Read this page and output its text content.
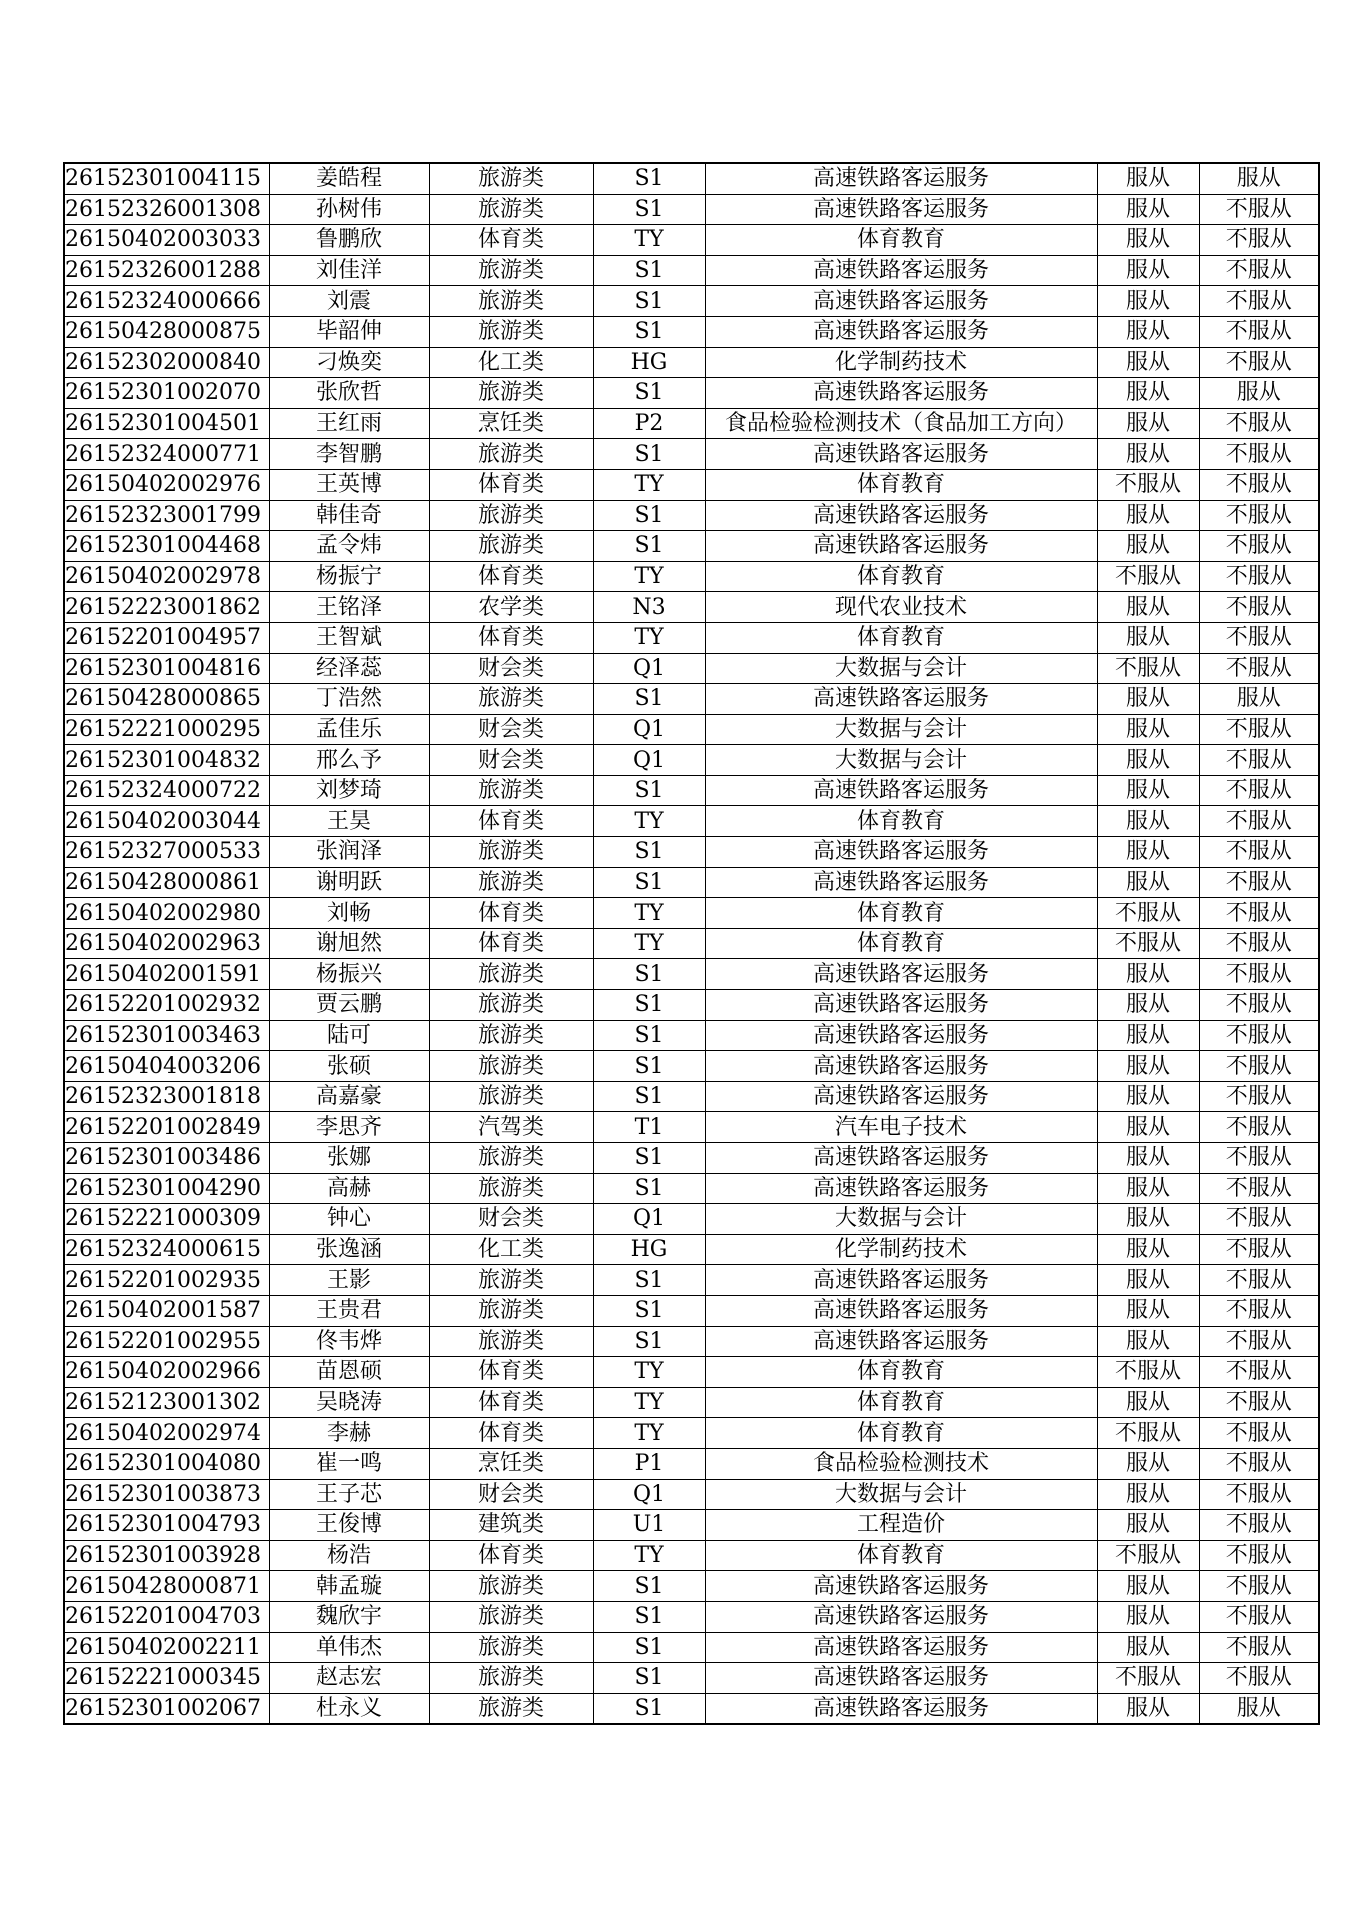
26152301004115	姜皓程	旅游类	S1	高速铁路客运服务	服从	服从
26152326001308	孙树伟	旅游类	S1	高速铁路客运服务	服从	不服从
26150402003033	鲁鹏欣	体育类	TY	体育教育	服从	不服从
26152326001288	刘佳洋	旅游类	S1	高速铁路客运服务	服从	不服从
26152324000666	刘震	旅游类	S1	高速铁路客运服务	服从	不服从
26150428000875	毕韶伸	旅游类	S1	高速铁路客运服务	服从	不服从
26152302000840	刁焕奕	化工类	HG	化学制药技术	服从	不服从
26152301002070	张欣哲	旅游类	S1	高速铁路客运服务	服从	服从
26152301004501	王红雨	烹饪类	P2	食品检验检测技术（食品加工方向）	服从	不服从
26152324000771	李智鹏	旅游类	S1	高速铁路客运服务	服从	不服从
26150402002976	王英博	体育类	TY	体育教育	不服从	不服从
26152323001799	韩佳奇	旅游类	S1	高速铁路客运服务	服从	不服从
26152301004468	孟令炜	旅游类	S1	高速铁路客运服务	服从	不服从
26150402002978	杨振宁	体育类	TY	体育教育	不服从	不服从
26152223001862	王铭泽	农学类	N3	现代农业技术	服从	不服从
26152201004957	王智斌	体育类	TY	体育教育	服从	不服从
26152301004816	经泽蕊	财会类	Q1	大数据与会计	不服从	不服从
26150428000865	丁浩然	旅游类	S1	高速铁路客运服务	服从	服从
26152221000295	孟佳乐	财会类	Q1	大数据与会计	服从	不服从
26152301004832	邢么予	财会类	Q1	大数据与会计	服从	不服从
26152324000722	刘梦琦	旅游类	S1	高速铁路客运服务	服从	不服从
26150402003044	王昊	体育类	TY	体育教育	服从	不服从
26152327000533	张润泽	旅游类	S1	高速铁路客运服务	服从	不服从
26150428000861	谢明跃	旅游类	S1	高速铁路客运服务	服从	不服从
26150402002980	刘畅	体育类	TY	体育教育	不服从	不服从
26150402002963	谢旭然	体育类	TY	体育教育	不服从	不服从
26150402001591	杨振兴	旅游类	S1	高速铁路客运服务	服从	不服从
26152201002932	贾云鹏	旅游类	S1	高速铁路客运服务	服从	不服从
26152301003463	陆可	旅游类	S1	高速铁路客运服务	服从	不服从
26150404003206	张硕	旅游类	S1	高速铁路客运服务	服从	不服从
26152323001818	高嘉豪	旅游类	S1	高速铁路客运服务	服从	不服从
26152201002849	李思齐	汽驾类	T1	汽车电子技术	服从	不服从
26152301003486	张娜	旅游类	S1	高速铁路客运服务	服从	不服从
26152301004290	高赫	旅游类	S1	高速铁路客运服务	服从	不服从
26152221000309	钟心	财会类	Q1	大数据与会计	服从	不服从
26152324000615	张逸涵	化工类	HG	化学制药技术	服从	不服从
26152201002935	王影	旅游类	S1	高速铁路客运服务	服从	不服从
26150402001587	王贵君	旅游类	S1	高速铁路客运服务	服从	不服从
26152201002955	佟韦烨	旅游类	S1	高速铁路客运服务	服从	不服从
26150402002966	苗恩硕	体育类	TY	体育教育	不服从	不服从
26152123001302	吴晓涛	体育类	TY	体育教育	服从	不服从
26150402002974	李赫	体育类	TY	体育教育	不服从	不服从
26152301004080	崔一鸣	烹饪类	P1	食品检验检测技术	服从	不服从
26152301003873	王子芯	财会类	Q1	大数据与会计	服从	不服从
26152301004793	王俊博	建筑类	U1	工程造价	服从	不服从
26152301003928	杨浩	体育类	TY	体育教育	不服从	不服从
26150428000871	韩孟璇	旅游类	S1	高速铁路客运服务	服从	不服从
26152201004703	魏欣宇	旅游类	S1	高速铁路客运服务	服从	不服从
26150402002211	单伟杰	旅游类	S1	高速铁路客运服务	服从	不服从
26152221000345	赵志宏	旅游类	S1	高速铁路客运服务	不服从	不服从
26152301002067	杜永义	旅游类	S1	高速铁路客运服务	服从	服从
